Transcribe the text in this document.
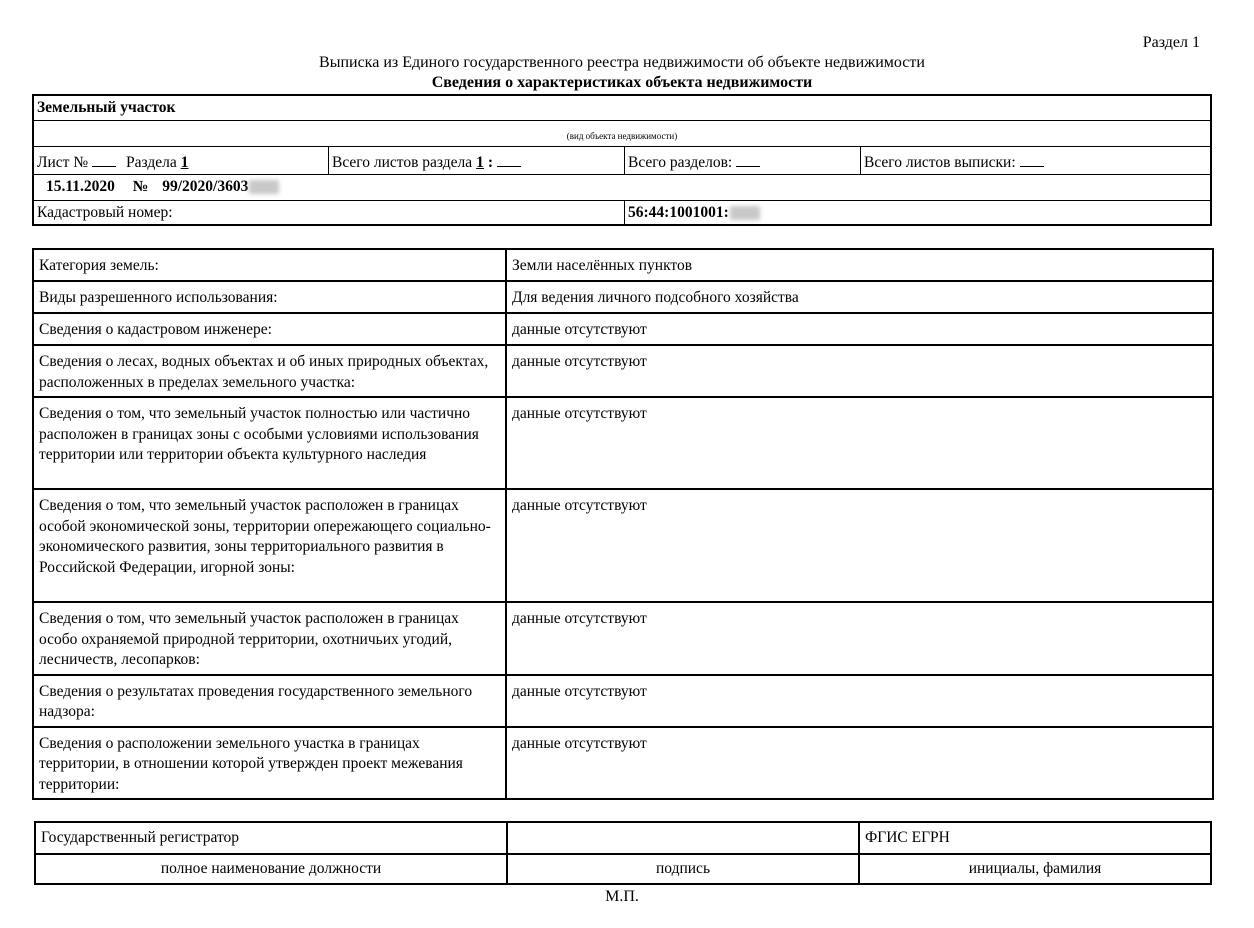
Раздел 1
Выписка из Единого государственного реестра недвижимости об объекте недвижимости
Сведения о характеристиках объекта недвижимости
Земельный участок
(вид объекта недвижимости)
Лист № Раздела 1	Всего листов раздела 1 :	Всего разделов:	Всего листов выписки:
15.11.2020 № 99/2020/3603
Кадастровый номер:	56:44:1001001:
Категория земель:	Земли населённых пунктов
Виды разрешенного использования:	Для ведения личного подсобного хозяйства
Сведения о кадастровом инженере:	данные отсутствуют
Сведения о лесах, водных объектах и об иных природных объектах, расположенных в пределах земельного участка:	данные отсутствуют
Сведения о том, что земельный участок полностью или частично расположен в границах зоны с особыми условиями использования территории или территории объекта культурного наследия	данные отсутствуют
Сведения о том, что земельный участок расположен в границах особой экономической зоны, территории опережающего социально-экономического развития, зоны территориального развития в Российской Федерации, игорной зоны:	данные отсутствуют
Сведения о том, что земельный участок расположен в границах особо охраняемой природной территории, охотничьих угодий, лесничеств, лесопарков:	данные отсутствуют
Сведения о результатах проведения государственного земельного надзора:	данные отсутствуют
Сведения о расположении земельного участка в границах территории, в отношении которой утвержден проект межевания территории:	данные отсутствуют
Государственный регистратор		ФГИС ЕГРН
полное наименование должности	подпись	инициалы, фамилия
М.П.
